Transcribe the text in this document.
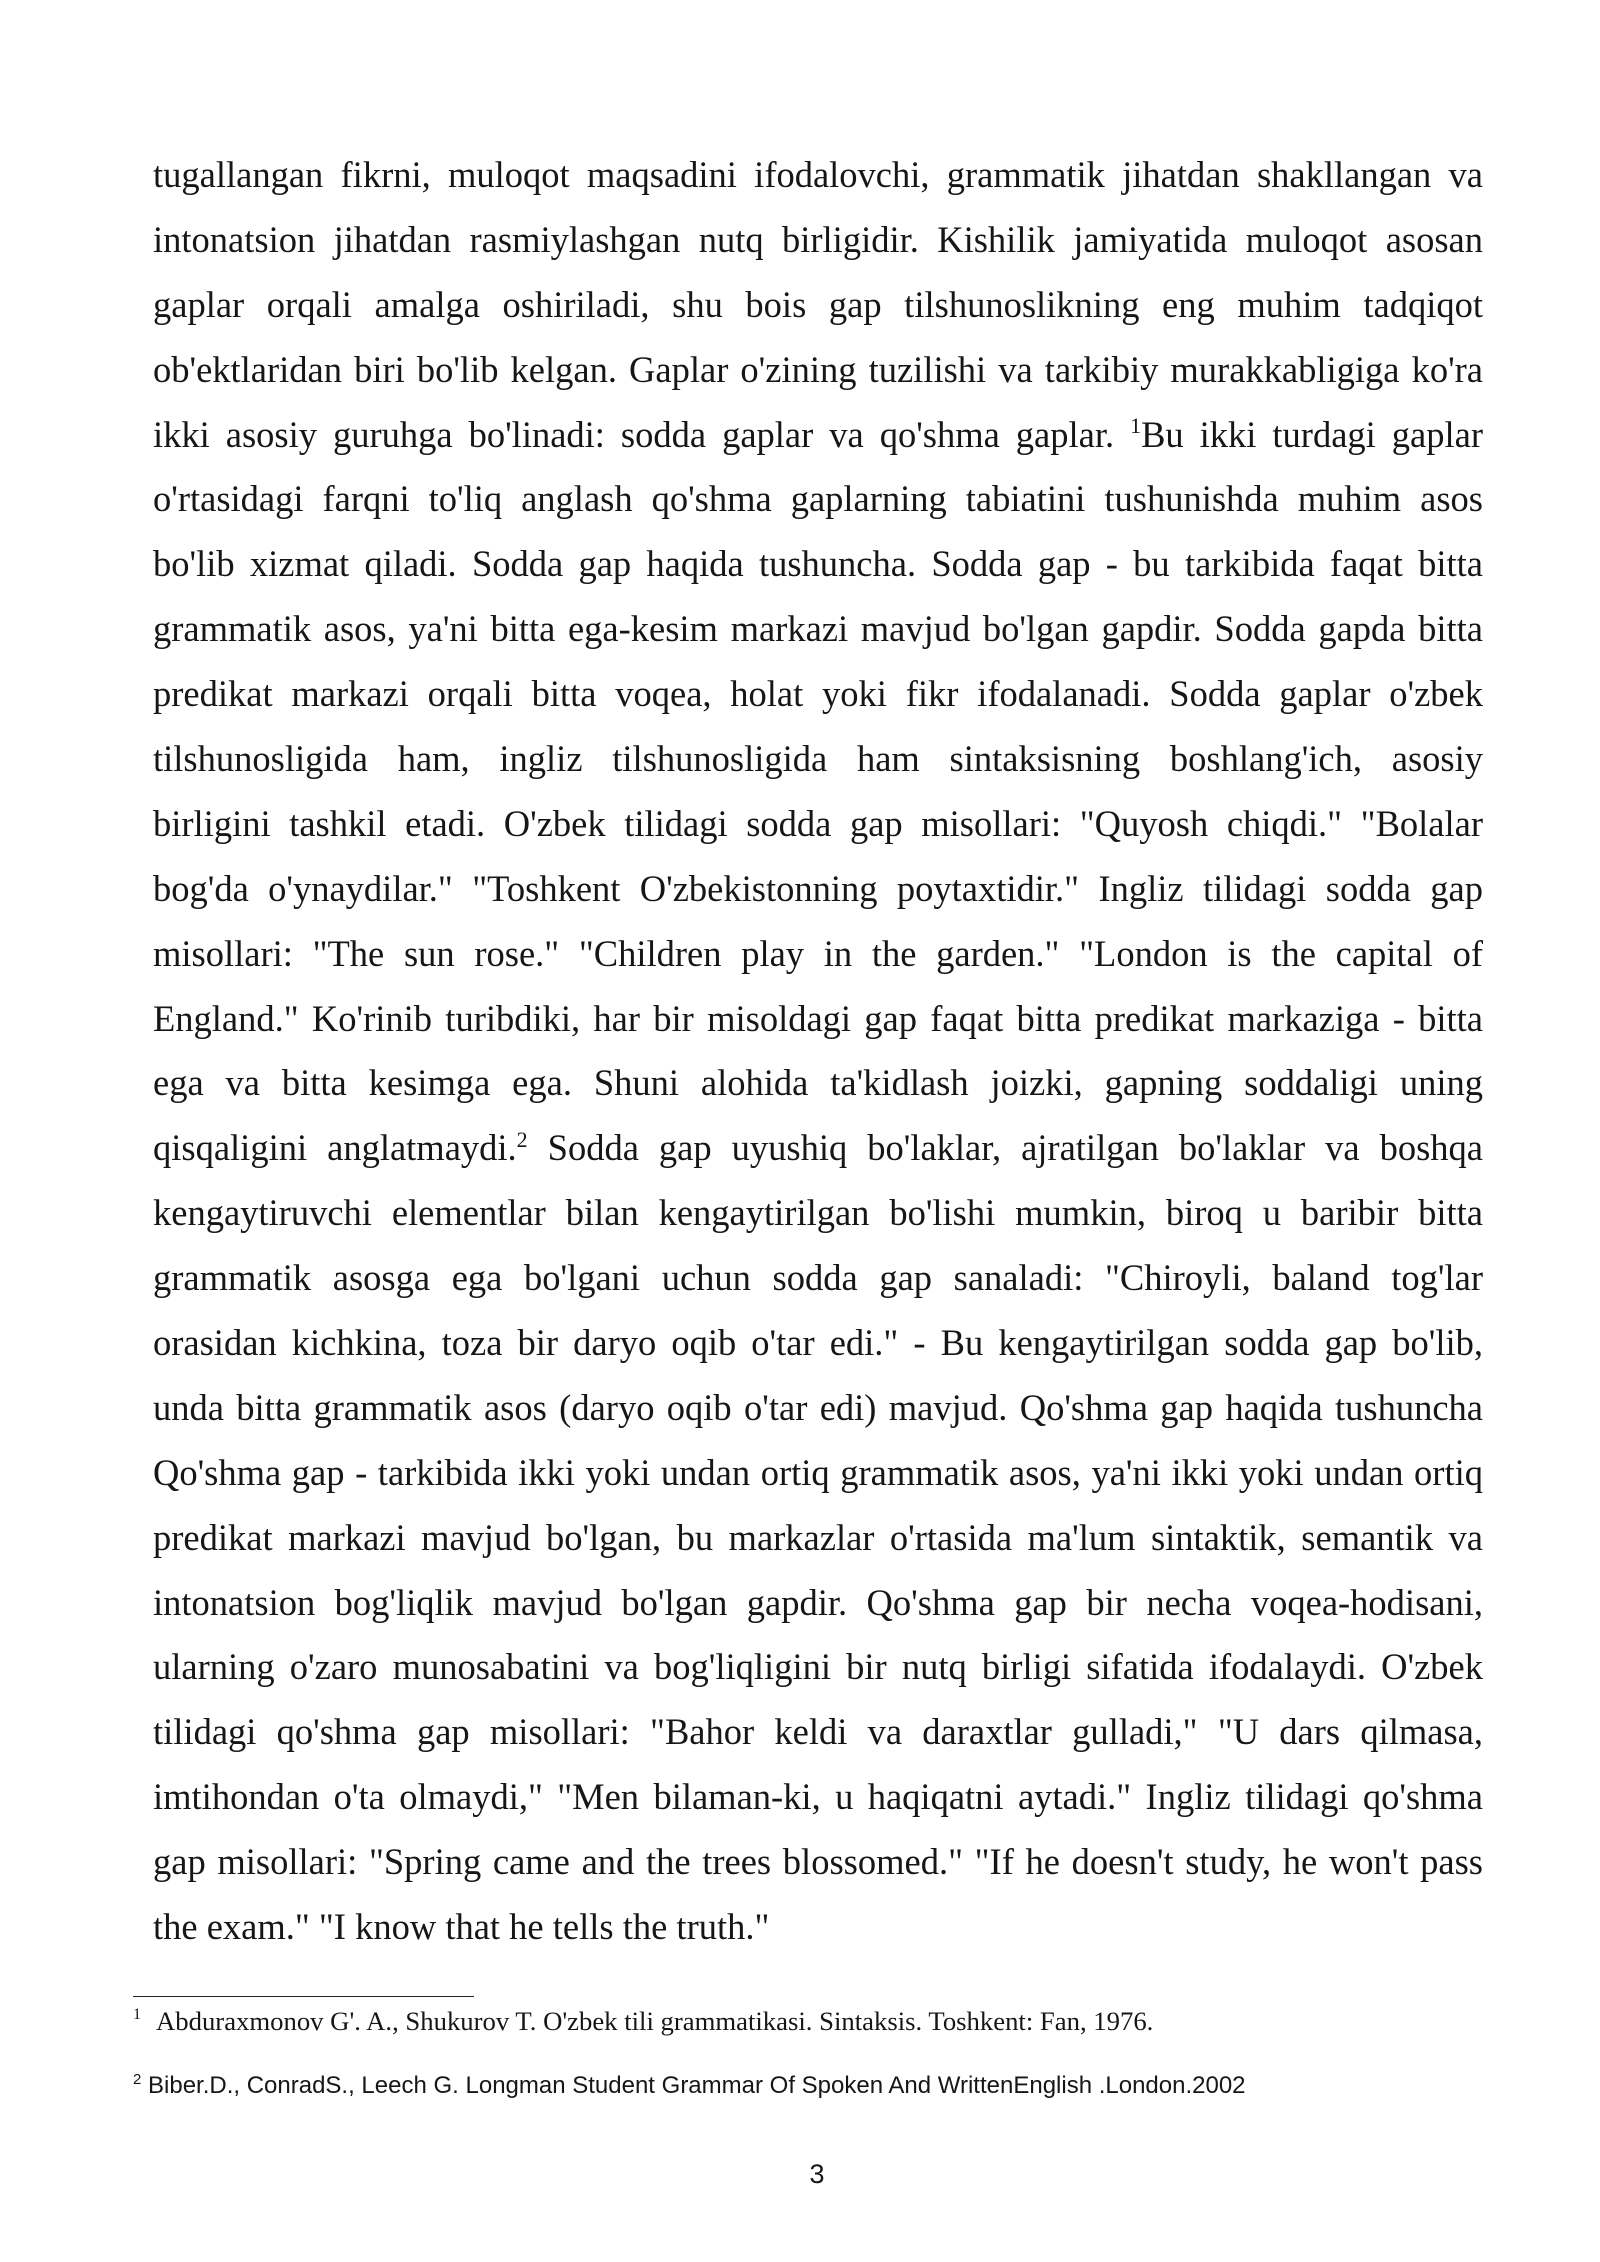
tugallangan fikrni, muloqot maqsadini ifodalovchi, grammatik jihatdan shakllangan va
intonatsion jihatdan rasmiylashgan nutq birligidir. Kishilik jamiyatida muloqot asosan
gaplar orqali amalga oshiriladi, shu bois gap tilshunoslikning eng muhim tadqiqot
ob'ektlaridan biri bo'lib kelgan. Gaplar o'zining tuzilishi va tarkibiy murakkabligiga ko'ra
ikki asosiy guruhga bo'linadi: sodda gaplar va qo'shma gaplar. $^1$Bu ikki turdagi gaplar
o'rtasidagi farqni to'liq anglash qo'shma gaplarning tabiatini tushunishda muhim asos
bo'lib xizmat qiladi. Sodda gap haqida tushuncha. Sodda gap - bu tarkibida faqat bitta
grammatik asos, ya'ni bitta ega-kesim markazi mavjud bo'lgan gapdir. Sodda gapda bitta
predikat markazi orqali bitta voqea, holat yoki fikr ifodalanadi. Sodda gaplar o'zbek
tilshunosligida ham, ingliz tilshunosligida ham sintaksisning boshlang'ich, asosiy
birligini tashkil etadi. O'zbek tilidagi sodda gap misollari: "Quyosh chiqdi." "Bolalar
bog'da o'ynaydilar." "Toshkent O'zbekistonning poytaxtidir." Ingliz tilidagi sodda gap
misollari: "The sun rose." "Children play in the garden." "London is the capital of
England." Ko'rinib turibdiki, har bir misoldagi gap faqat bitta predikat markaziga - bitta
ega va bitta kesimga ega. Shuni alohida ta'kidlash joizki, gapning soddaligi uning
qisqaligini anglatmaydi.$^2$ Sodda gap uyushiq bo'laklar, ajratilgan bo'laklar va boshqa
kengaytiruvchi elementlar bilan kengaytirilgan bo'lishi mumkin, biroq u baribir bitta
grammatik asosga ega bo'lgani uchun sodda gap sanaladi: "Chiroyli, baland tog'lar
orasidan kichkina, toza bir daryo oqib o'tar edi." - Bu kengaytirilgan sodda gap bo'lib,
unda bitta grammatik asos (daryo oqib o'tar edi) mavjud. Qo'shma gap haqida tushuncha
Qo'shma gap - tarkibida ikki yoki undan ortiq grammatik asos, ya'ni ikki yoki undan ortiq
predikat markazi mavjud bo'lgan, bu markazlar o'rtasida ma'lum sintaktik, semantik va
intonatsion bog'liqlik mavjud bo'lgan gapdir. Qo'shma gap bir necha voqea-hodisani,
ularning o'zaro munosabatini va bog'liqligini bir nutq birligi sifatida ifodalaydi. O'zbek
tilidagi qo'shma gap misollari: "Bahor keldi va daraxtlar gulladi," "U dars qilmasa,
imtihondan o'ta olmaydi," "Men bilaman-ki, u haqiqatni aytadi." Ingliz tilidagi qo'shma
gap misollari: "Spring came and the trees blossomed." "If he doesn't study, he won't pass
the exam." "I know that he tells the truth."
1 Abduraxmonov G'. A., Shukurov T. O'zbek tili grammatikasi. Sintaksis. Toshkent: Fan, 1976.
2 Biber.D., ConradS., Leech G. Longman Student Grammar Of Spoken And WrittenEnglish .London.2002
3
